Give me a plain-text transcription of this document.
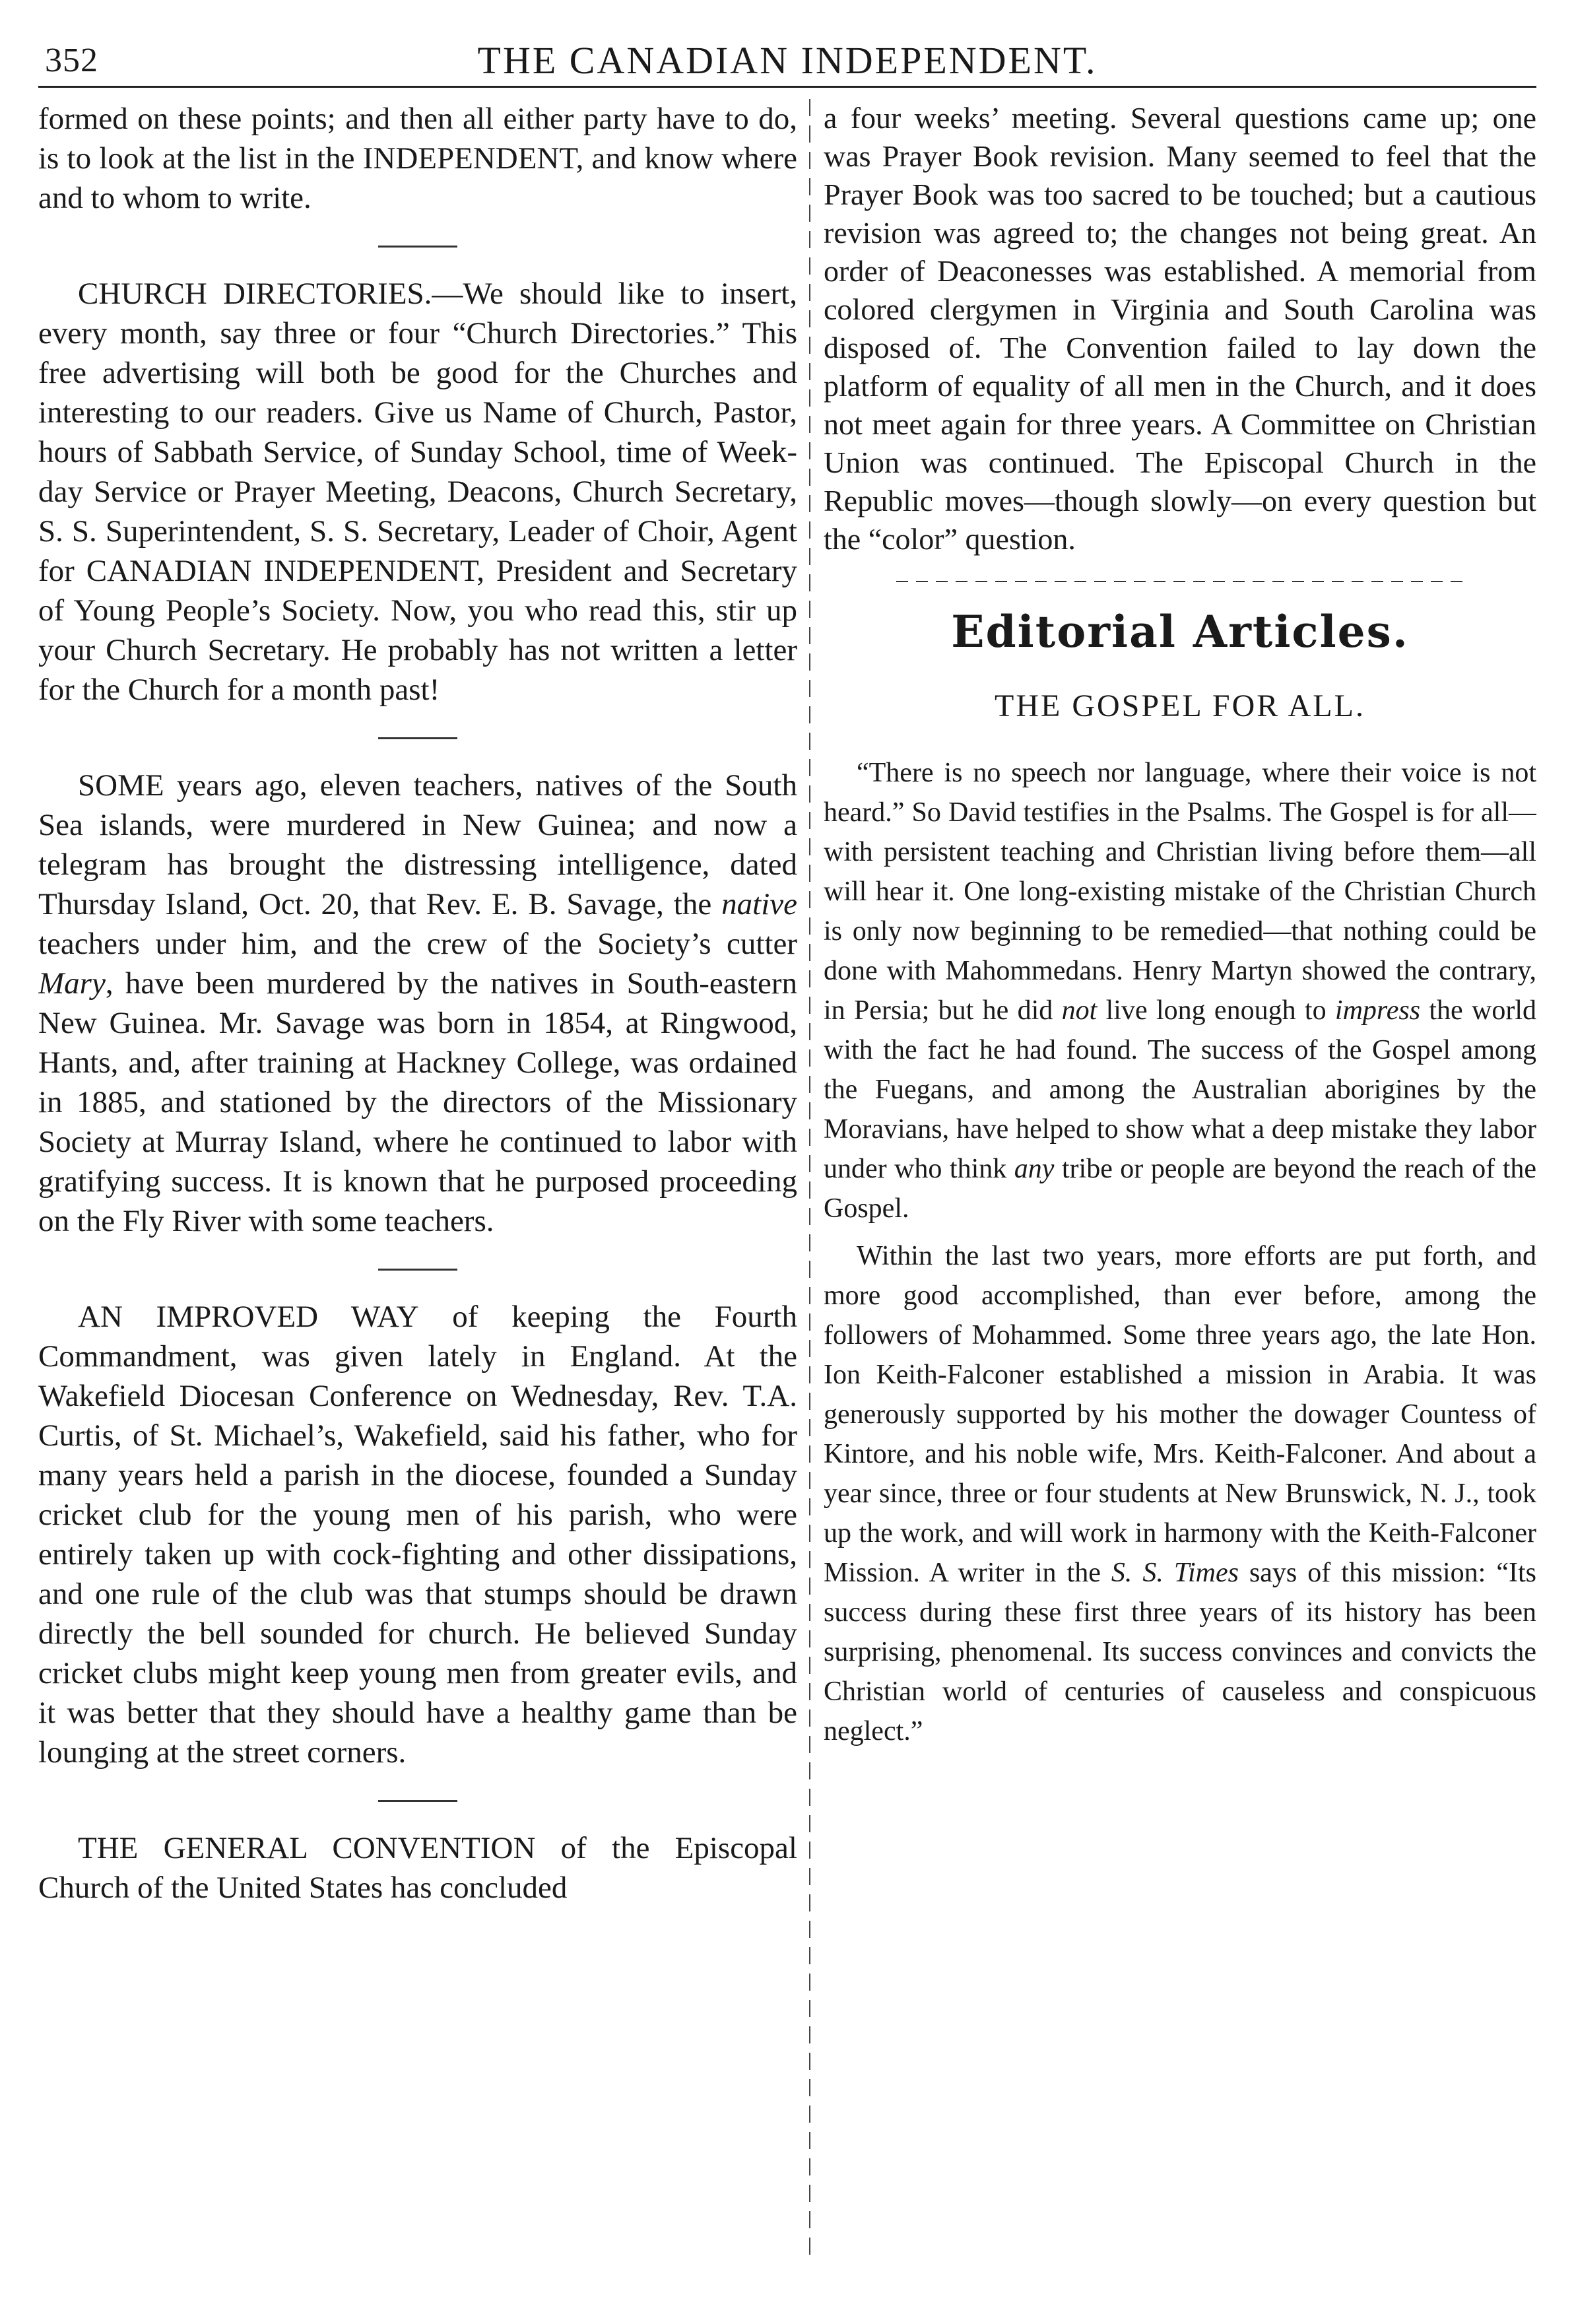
352	THE CANADIAN INDEPENDENT.

formed on these points; and then all either party have to do, is to look at the list in the INDEPENDENT, and know where and to whom to write.

CHURCH DIRECTORIES.—We should like to insert, every month, say three or four “Church Directories.” This free advertising will both be good for the Churches and interesting to our readers. Give us Name of Church, Pastor, hours of Sabbath Service, of Sunday School, time of Week-day Service or Prayer Meeting, Deacons, Church Secretary, S. S. Superintendent, S. S. Secretary, Leader of Choir, Agent for CANADIAN INDEPENDENT, President and Secretary of Young People’s Society. Now, you who read this, stir up your Church Secretary. He probably has not written a letter for the Church for a month past!

SOME years ago, eleven teachers, natives of the South Sea islands, were murdered in New Guinea; and now a telegram has brought the distressing intelligence, dated Thursday Island, Oct. 20, that Rev. E. B. Savage, the native teachers under him, and the crew of the Society’s cutter Mary, have been murdered by the natives in South-eastern New Guinea. Mr. Savage was born in 1854, at Ringwood, Hants, and, after training at Hackney College, was ordained in 1885, and stationed by the directors of the Missionary Society at Murray Island, where he continued to labor with gratifying success. It is known that he purposed proceeding on the Fly River with some teachers.

AN IMPROVED WAY of keeping the Fourth Commandment, was given lately in England. At the Wakefield Diocesan Conference on Wednesday, Rev. T.A. Curtis, of St. Michael’s, Wakefield, said his father, who for many years held a parish in the diocese, founded a Sunday cricket club for the young men of his parish, who were entirely taken up with cock-fighting and other dissipations, and one rule of the club was that stumps should be drawn directly the bell sounded for church. He believed Sunday cricket clubs might keep young men from greater evils, and it was better that they should have a healthy game than be lounging at the street corners.

THE GENERAL CONVENTION of the Episcopal Church of the United States has concluded

a four weeks’ meeting. Several questions came up; one was Prayer Book revision. Many seemed to feel that the Prayer Book was too sacred to be touched; but a cautious revision was agreed to; the changes not being great. An order of Deaconesses was established. A memorial from colored clergymen in Virginia and South Carolina was disposed of. The Convention failed to lay down the platform of equality of all men in the Church, and it does not meet again for three years. A Committee on Christian Union was continued. The Episcopal Church in the Republic moves—though slowly—on every question but the “color” question.

Editorial Articles.
THE GOSPEL FOR ALL.

“There is no speech nor language, where their voice is not heard.” So David testifies in the Psalms. The Gospel is for all—with persistent teaching and Christian living before them—all will hear it. One long-existing mistake of the Christian Church is only now beginning to be remedied—that nothing could be done with Mahommedans. Henry Martyn showed the contrary, in Persia; but he did not live long enough to impress the world with the fact he had found. The success of the Gospel among the Fuegans, and among the Australian aborigines by the Moravians, have helped to show what a deep mistake they labor under who think any tribe or people are beyond the reach of the Gospel.

Within the last two years, more efforts are put forth, and more good accomplished, than ever before, among the followers of Mohammed. Some three years ago, the late Hon. Ion Keith-Falconer established a mission in Arabia. It was generously supported by his mother the dowager Countess of Kintore, and his noble wife, Mrs. Keith-Falconer. And about a year since, three or four students at New Brunswick, N. J., took up the work, and will work in harmony with the Keith-Falconer Mission. A writer in the S. S. Times says of this mission: “Its success during these first three years of its history has been surprising, phenomenal. Its success convinces and convicts the Christian world of centuries of causeless and conspicuous neglect.”
